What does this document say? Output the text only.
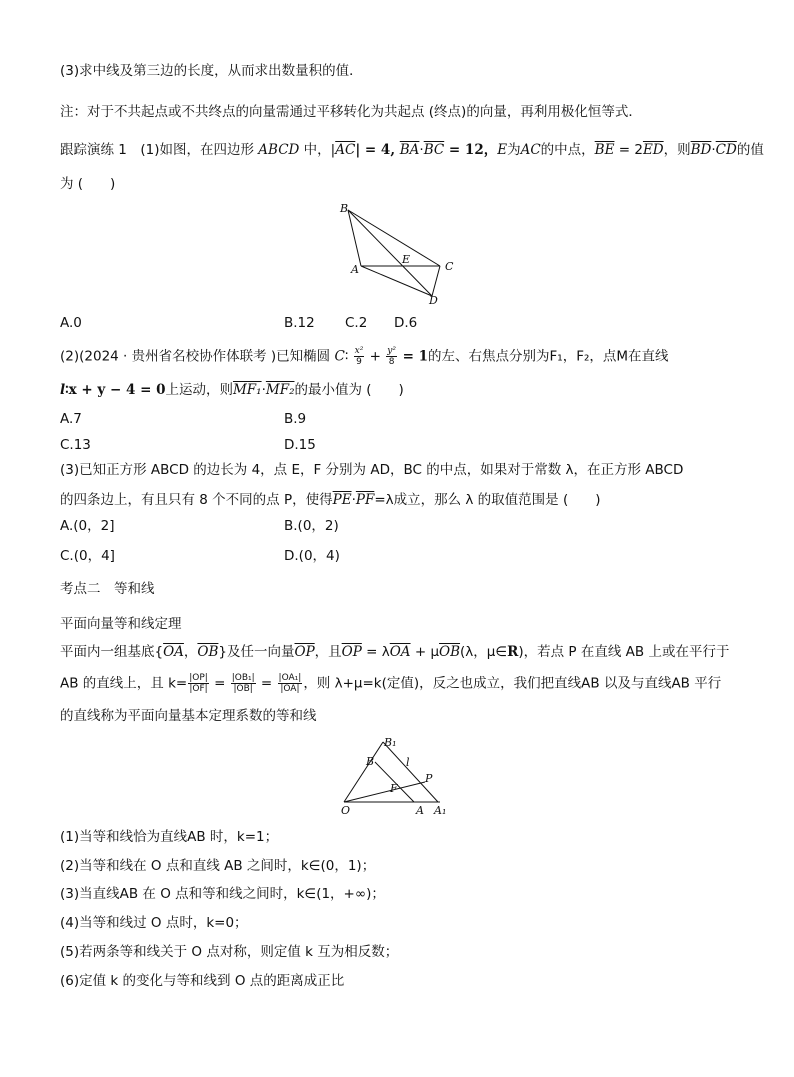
(3)求中线及第三边的长度，从而求出数量积的值．
注：对于不共起点或不共终点的向量需通过平移转化为共起点 (终点)的向量，再利用极化恒等式．
跟踪演练 1　(1)如图，在四边形 ABCD 中，$|\overline{AC}| = 4$, $\overline{BA}\cdot\overline{BC} = 12$，E为AC的中点，$\overline{BE} = 2\overline{ED}$，则$\overline{BD}\cdot\overline{CD}$的值
为 (　　)
B
A
E
C
D
A.0	B.12 C.2 D.6
(2)(2024 · 贵州省名校协作体联考 )已知椭圆 C∶ $\frac{\text{x²}}{9} + \frac{\text{y²}}{8} = 1$的左、右焦点分别为F₁，F₂，点M在直线
l∶x + y − 4 = 0上运动，则MF₁·MF₂的最小值为 (　　)
A.7	B.9
C.13	D.15
(3)已知正方形 ABCD 的边长为 4，点 E，F 分别为 AD，BC 的中点，如果对于常数 λ，在正方形 ABCD
的四条边上，有且只有 8 个不同的点 P，使得$\overline{PE}\cdot\overline{PF}=\lambda$成立，那么 λ 的取值范围是 (　　)
A.(0，2]	B.(0，2)
C.(0，4]	D.(0，4)
考点二　等和线
平面向量等和线定理
平面内一组基底{$\overline{OA}$，$\overline{OB}$}及任一向量$\overline{OP}$，且$\overline{OP} = \lambda\overline{OA} + \mu\overline{OB}(\lambda$，μ∈R)，若点 P 在直线 AB 上或在平行于
AB 的直线上，且 $k= \frac{|OP|}{|OF|} = \frac{\text{|OB₁|}}{|OB|} = \frac{\text{|OA₁|}}{|OA|}$ ，则 λ+μ=k(定值)，反之也成立，我们把直线AB 以及与直线AB 平行
的直线称为平面向量基本定理系数的等和线
B₁
B	l
P
F
O	A A₁
(1)当等和线恰为直线AB 时，k=1；
(2)当等和线在 O 点和直线 AB 之间时，k∈(0，1)；
(3)当直线AB 在 O 点和等和线之间时，k∈(1，+∞)；
(4)当等和线过 O 点时，k=0；
(5)若两条等和线关于 O 点对称，则定值 k 互为相反数；
(6)定值 k 的变化与等和线到 O 点的距离成正比
